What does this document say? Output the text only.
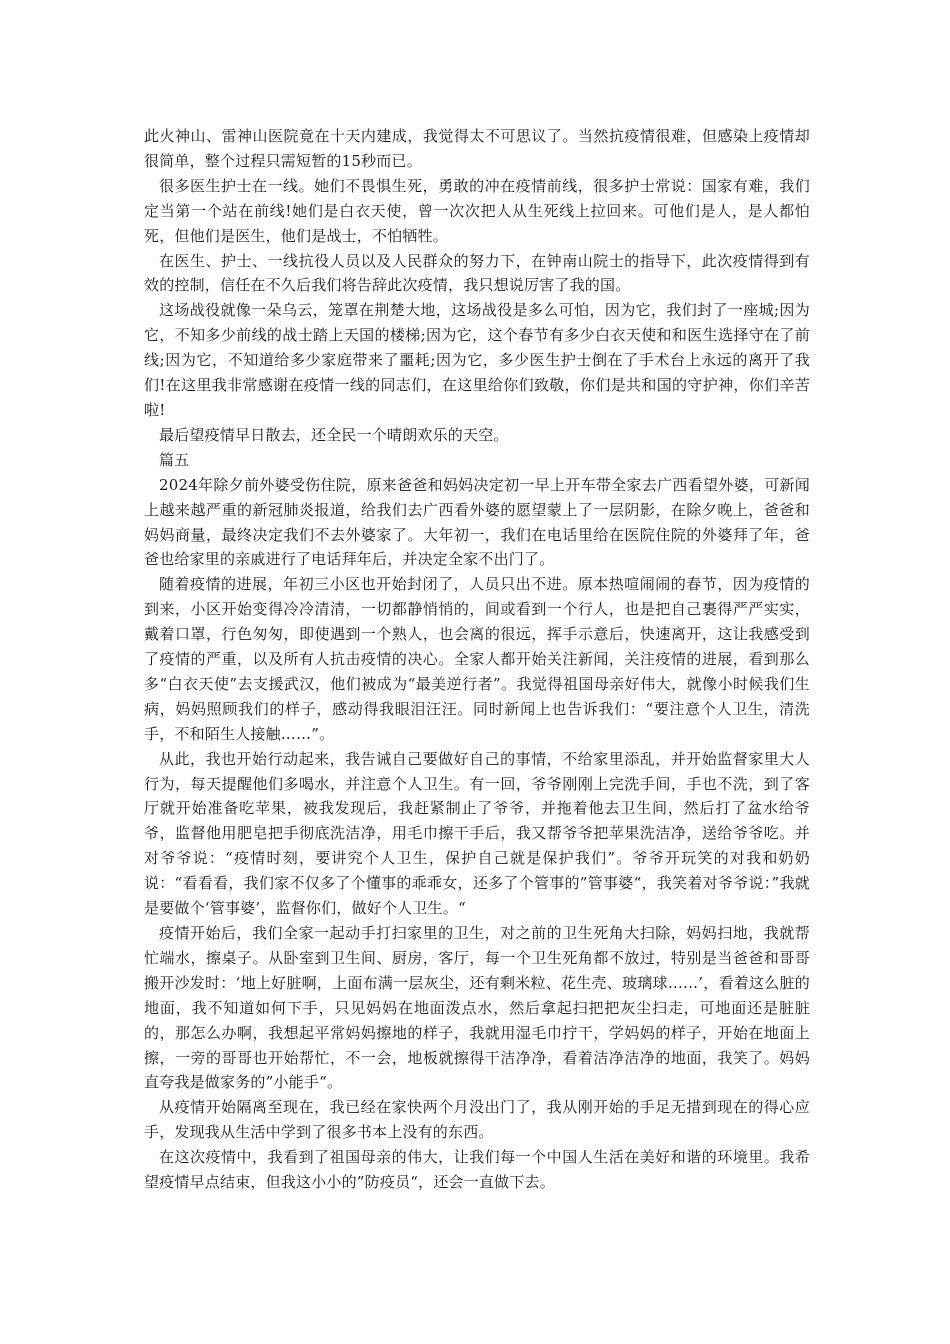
此火神山、雷神山医院竟在十天内建成，我觉得太不可思议了。当然抗疫情很难，但感染上疫情却很简单，整个过程只需短暂的15秒而已。

很多医生护士在一线。她们不畏惧生死，勇敢的冲在疫情前线，很多护士常说：国家有难，我们定当第一个站在前线!她们是白衣天使，曾一次次把人从生死线上拉回来。可他们是人，是人都怕死，但他们是医生，他们是战士，不怕牺牲。

在医生、护士、一线抗役人员以及人民群众的努力下，在钟南山院士的指导下，此次疫情得到有效的控制，信任在不久后我们将告辞此次疫情，我只想说厉害了我的国。

这场战役就像一朵乌云，笼罩在荆楚大地，这场战役是多么可怕，因为它，我们封了一座城;因为它，不知多少前线的战士踏上天国的楼梯;因为它，这个春节有多少白衣天使和和医生选择守在了前线;因为它，不知道给多少家庭带来了噩耗;因为它，多少医生护士倒在了手术台上永远的离开了我们!在这里我非常感谢在疫情一线的同志们，在这里给你们致敬，你们是共和国的守护神，你们辛苦啦!

最后望疫情早日散去，还全民一个晴朗欢乐的天空。

篇五

2024年除夕前外婆受伤住院，原来爸爸和妈妈决定初一早上开车带全家去广西看望外婆，可新闻上越来越严重的新冠肺炎报道，给我们去广西看外婆的愿望蒙上了一层阴影，在除夕晚上，爸爸和妈妈商量，最终决定我们不去外婆家了。大年初一，我们在电话里给在医院住院的外婆拜了年，爸爸也给家里的亲戚进行了电话拜年后，并决定全家不出门了。

随着疫情的进展，年初三小区也开始封闭了，人员只出不进。原本热喧闹闹的春节，因为疫情的到来，小区开始变得冷冷清清，一切都静悄悄的，间或看到一个行人，也是把自己裹得严严实实，戴着口罩，行色匆匆，即使遇到一个熟人，也会离的很远，挥手示意后，快速离开，这让我感受到了疫情的严重，以及所有人抗击疫情的决心。全家人都开始关注新闻，关注疫情的进展，看到那么多“白衣天使”去支援武汉，他们被成为“最美逆行者”。我觉得祖国母亲好伟大，就像小时候我们生病，妈妈照顾我们的样子，感动得我眼泪汪汪。同时新闻上也告诉我们：“要注意个人卫生，清洗手，不和陌生人接触……”。

从此，我也开始行动起来，我告诫自己要做好自己的事情，不给家里添乱，并开始监督家里大人行为，每天提醒他们多喝水，并注意个人卫生。有一回，爷爷刚刚上完洗手间，手也不洗，到了客厅就开始准备吃苹果，被我发现后，我赶紧制止了爷爷，并拖着他去卫生间，然后打了盆水给爷爷，监督他用肥皂把手彻底洗洁净，用毛巾擦干手后，我又帮爷爷把苹果洗洁净，送给爷爷吃。并对爷爷说：“疫情时刻，要讲究个人卫生，保护自己就是保护我们”。爷爷开玩笑的对我和奶奶说：“看看看，我们家不仅多了个懂事的乖乖女，还多了个管事的”管事婆“，我笑着对爷爷说：”我就是要做个‘管事婆’，监督你们，做好个人卫生。“

疫情开始后，我们全家一起动手打扫家里的卫生，对之前的卫生死角大扫除，妈妈扫地，我就帮忙端水，擦桌子。从卧室到卫生间、厨房，客厅，每一个卫生死角都不放过，特别是当爸爸和哥哥搬开沙发时：‘地上好脏啊，上面布满一层灰尘，还有剩米粒、花生壳、玻璃球……’，看着这么脏的地面，我不知道如何下手，只见妈妈在地面泼点水，然后拿起扫把把灰尘扫走，可地面还是脏脏的，那怎么办啊，我想起平常妈妈擦地的样子，我就用湿毛巾拧干，学妈妈的样子，开始在地面上擦，一旁的哥哥也开始帮忙，不一会，地板就擦得干洁净净，看着洁净洁净的地面，我笑了。妈妈直夸我是做家务的”小能手“。

从疫情开始隔离至现在，我已经在家快两个月没出门了，我从刚开始的手足无措到现在的得心应手，发现我从生活中学到了很多书本上没有的东西。

在这次疫情中，我看到了祖国母亲的伟大，让我们每一个中国人生活在美好和谐的环境里。我希望疫情早点结束，但我这小小的”防疫员“，还会一直做下去。
